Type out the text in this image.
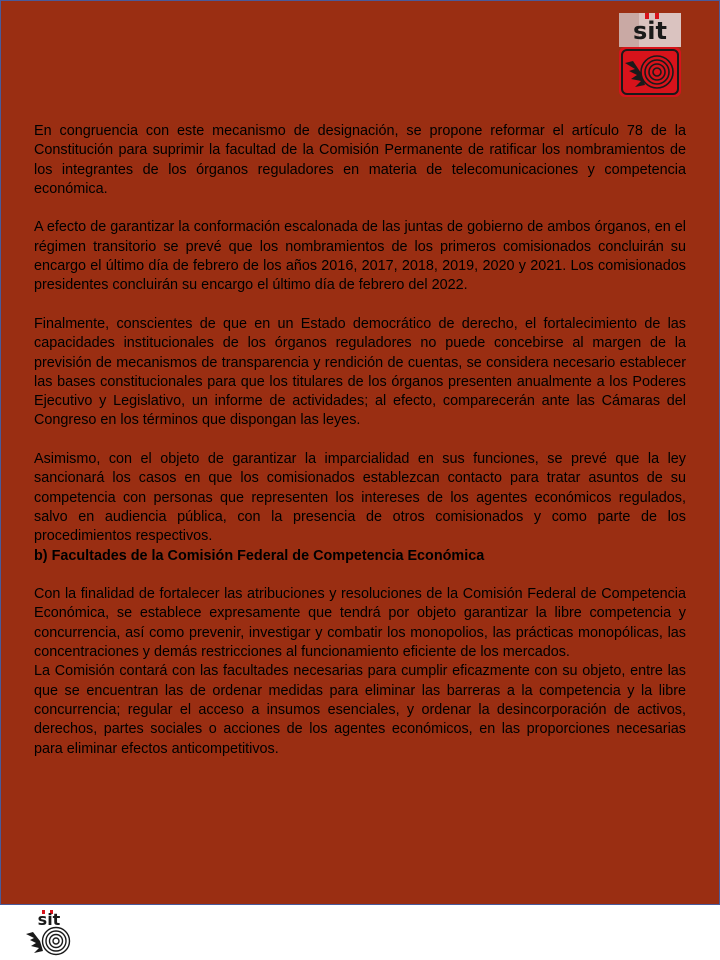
sit

En congruencia con este mecanismo de designación, se propone reformar el artículo 78 de la Constitución para suprimir la facultad de la Comisión Permanente de ratificar los nombramientos de los integrantes de los órganos reguladores en materia de telecomunicaciones y competencia económica.

A efecto de garantizar la conformación escalonada de las juntas de gobierno de ambos órganos, en el régimen transitorio se prevé que los nombramientos de los primeros comisionados concluirán su encargo el último día de febrero de los años 2016, 2017, 2018, 2019, 2020 y 2021. Los comisionados presidentes concluirán su encargo el último día de febrero del 2022.

Finalmente, conscientes de que en un Estado democrático de derecho, el fortalecimiento de las capacidades institucionales de los órganos reguladores no puede concebirse al margen de la previsión de mecanismos de transparencia y rendición de cuentas, se considera necesario establecer las bases constitucionales para que los titulares de los órganos presenten anualmente a los Poderes Ejecutivo y Legislativo, un informe de actividades; al efecto, comparecerán ante las Cámaras del Congreso en los términos que dispongan las leyes.

Asimismo, con el objeto de garantizar la imparcialidad en sus funciones, se prevé que la ley sancionará los casos en que los comisionados establezcan contacto para tratar asuntos de su competencia con personas que representen los intereses de los agentes económicos regulados, salvo en audiencia pública, con la presencia de otros comisionados y como parte de los procedimientos respectivos.

b) Facultades de la Comisión Federal de Competencia Económica

Con la finalidad de fortalecer las atribuciones y resoluciones de la Comisión Federal de Competencia Económica, se establece expresamente que tendrá por objeto garantizar la libre competencia y concurrencia, así como prevenir, investigar y combatir los monopolios, las prácticas monopólicas, las concentraciones y demás restricciones al funcionamiento eficiente de los mercados.

La Comisión contará con las facultades necesarias para cumplir eficazmente con su objeto, entre las que se encuentran las de ordenar medidas para eliminar las barreras a la competencia y la libre concurrencia; regular el acceso a insumos esenciales, y ordenar la desincorporación de activos, derechos, partes sociales o acciones de los agentes económicos, en las proporciones necesarias para eliminar efectos anticompetitivos.

sit
